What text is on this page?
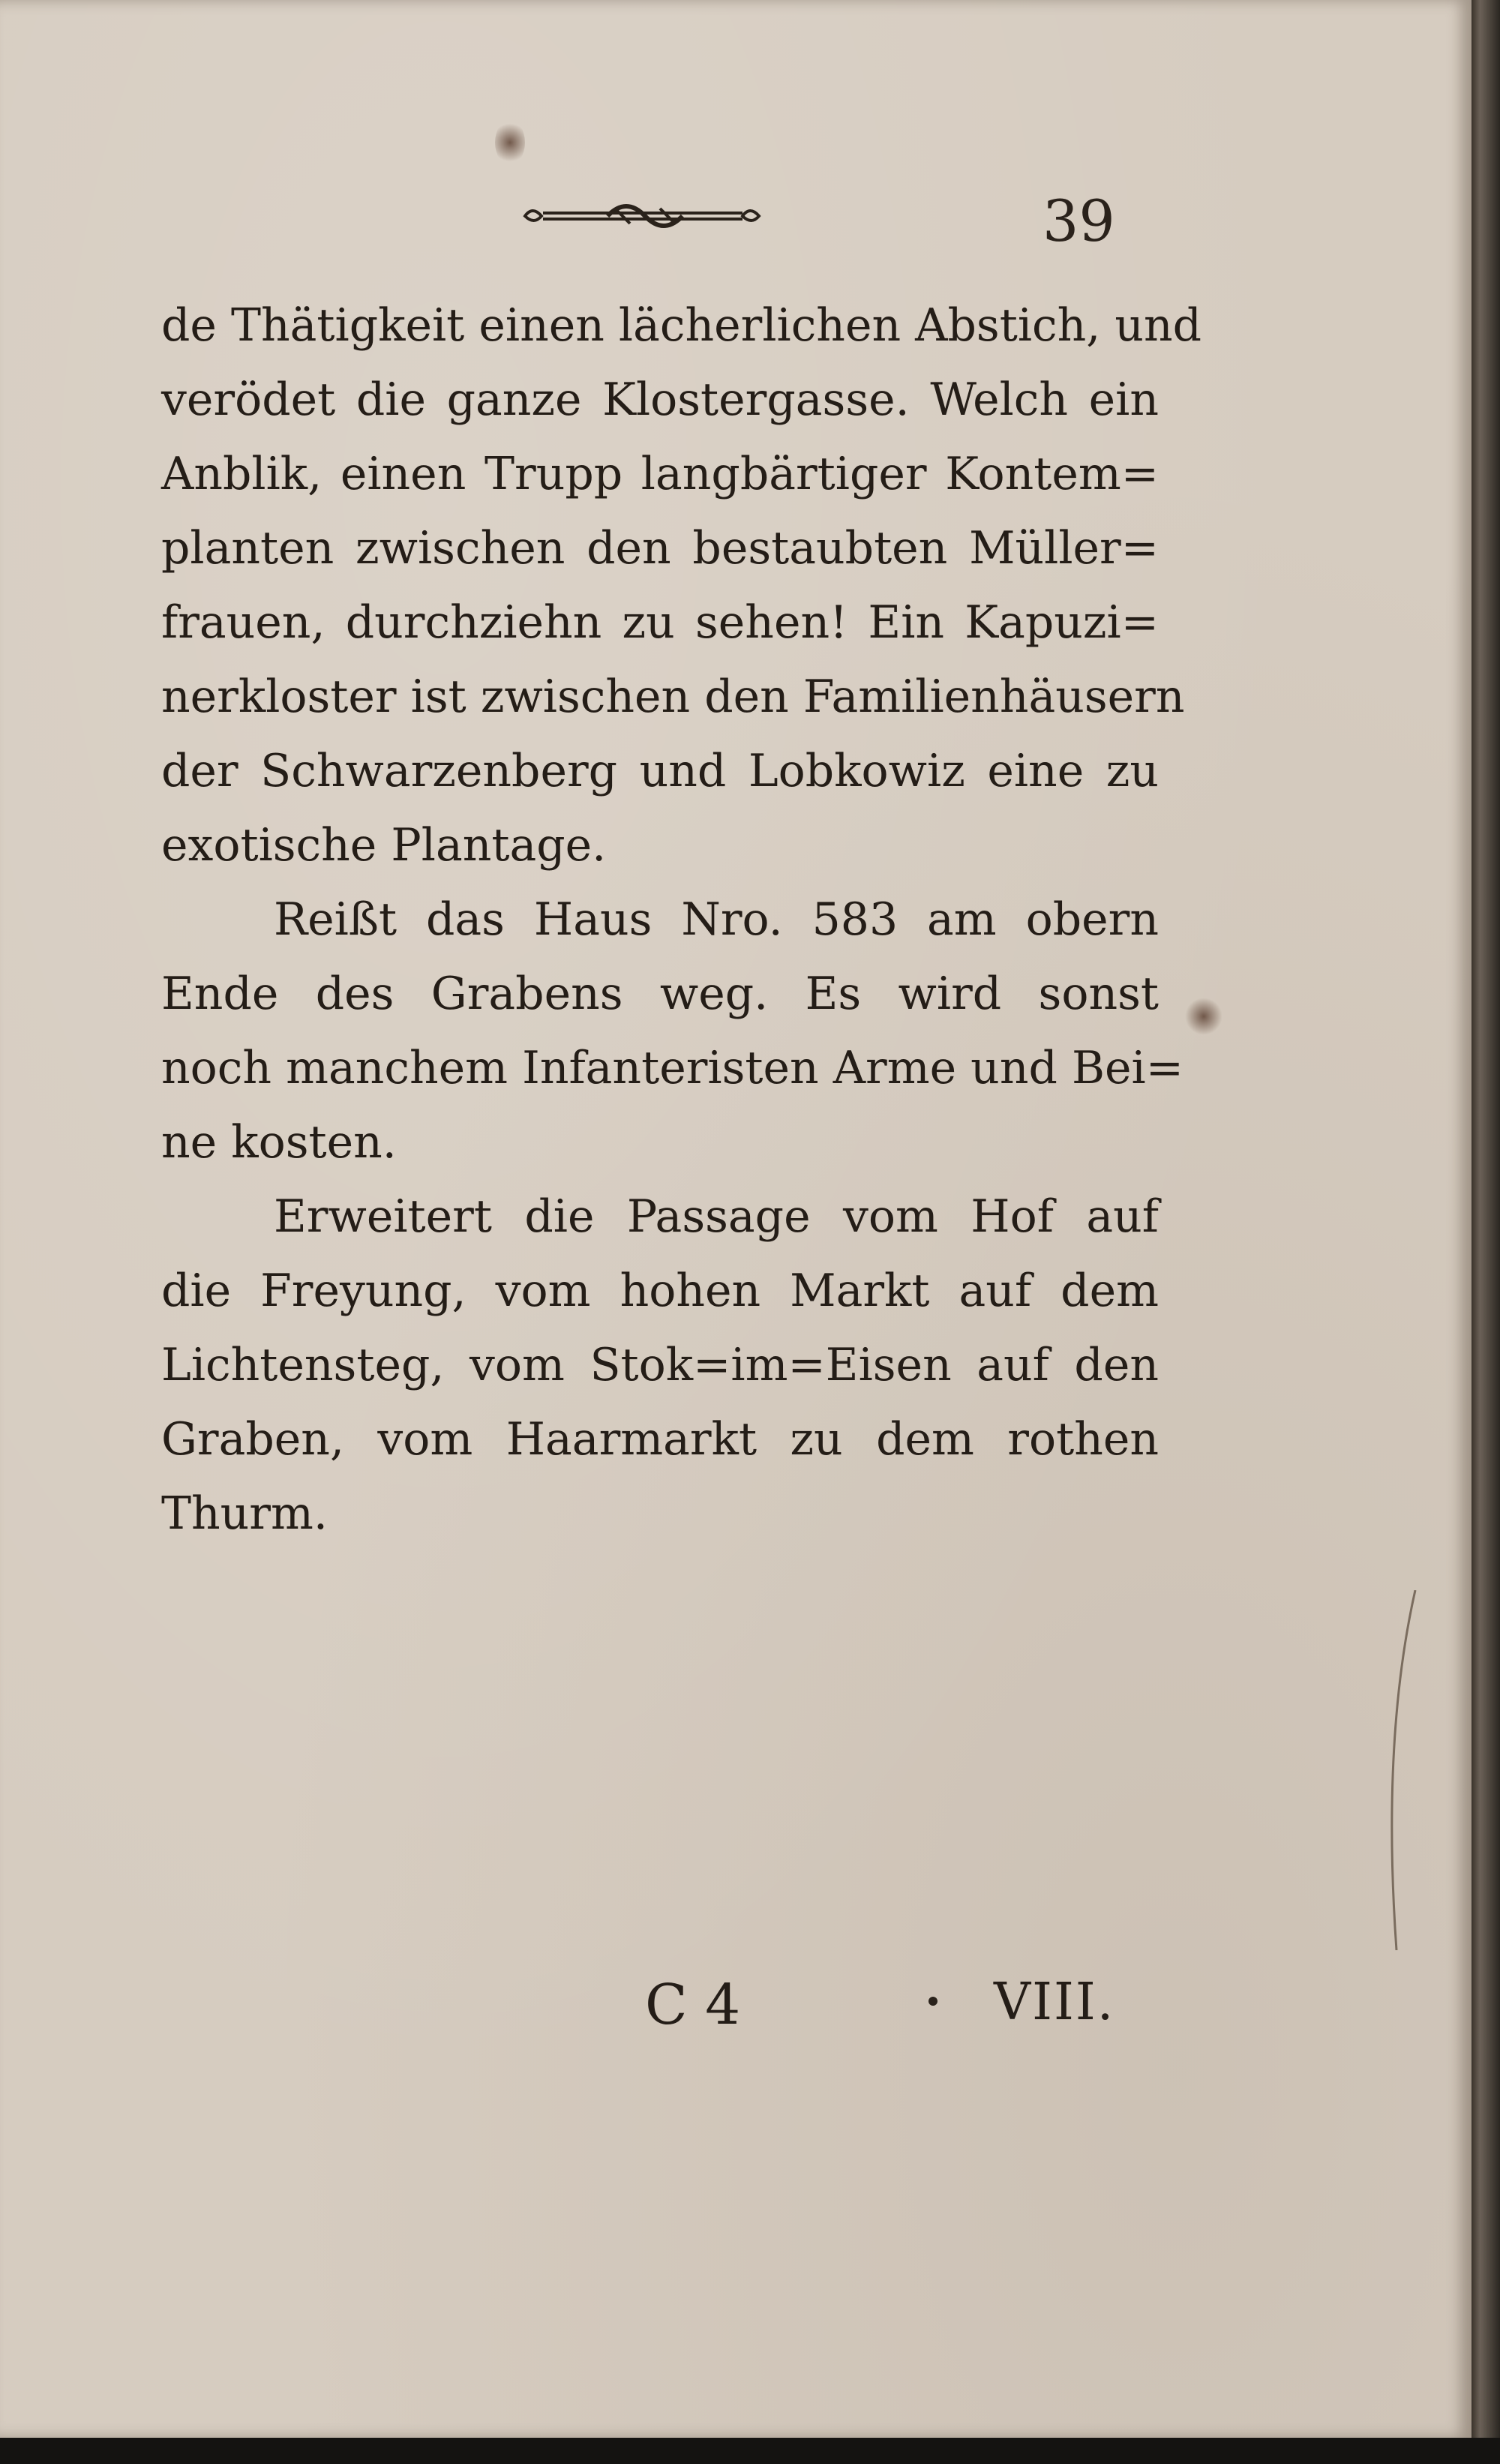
39
de Thätigkeit einen lächerlichen Abstich, und
verödet die ganze Klostergasse. Welch ein
Anblik, einen Trupp langbärtiger Kontem=
planten zwischen den bestaubten Müller=
frauen, durchziehn zu sehen! Ein Kapuzi=
nerkloster ist zwischen den Familienhäusern
der Schwarzenberg und Lobkowiz eine zu
exotische Plantage.
Reißt das Haus Nro. 583 am obern
Ende des Grabens weg. Es wird sonst
noch manchem Infanteristen Arme und Bei=
ne kosten.
Erweitert die Passage vom Hof auf
die Freyung, vom hohen Markt auf dem
Lichtensteg, vom Stok=im=Eisen auf den
Graben, vom Haarmarkt zu dem rothen
Thurm.
C 4	VIII.
